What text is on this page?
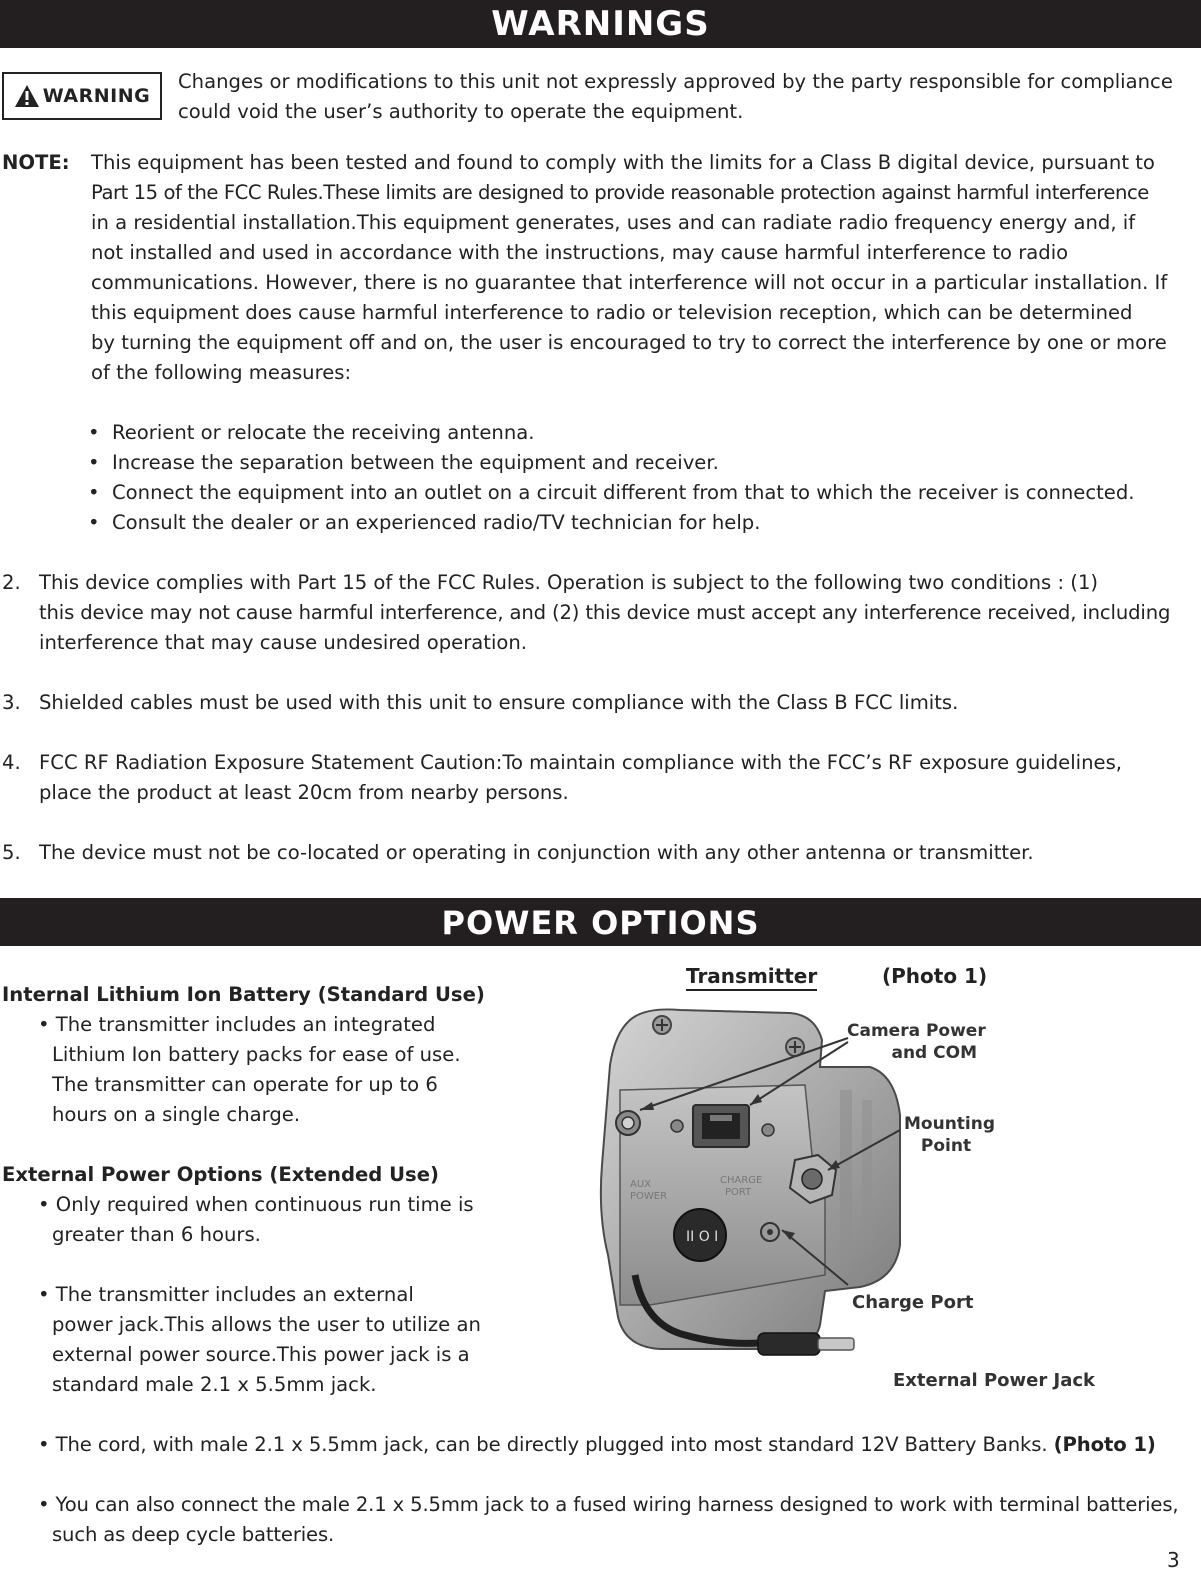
WARNINGS
WARNING
Changes or modifications to this unit not expressly approved by the party responsible for compliance
could void the user’s authority to operate the equipment.
NOTE: This equipment has been tested and found to comply with the limits for a Class B digital device, pursuant to
Part 15 of the FCC Rules.These limits are designed to provide reasonable protection against harmful interference
in a residential installation.This equipment generates, uses and can radiate radio frequency energy and, if
not installed and used in accordance with the instructions, may cause harmful interference to radio
communications. However, there is no guarantee that interference will not occur in a particular installation. If
this equipment does cause harmful interference to radio or television reception, which can be determined
by turning the equipment off and on, the user is encouraged to try to correct the interference by one or more
of the following measures:
• Reorient or relocate the receiving antenna.
• Increase the separation between the equipment and receiver.
• Connect the equipment into an outlet on a circuit different from that to which the receiver is connected.
• Consult the dealer or an experienced radio/TV technician for help.
2. This device complies with Part 15 of the FCC Rules. Operation is subject to the following two conditions : (1)
this device may not cause harmful interference, and (2) this device must accept any interference received, including
interference that may cause undesired operation.
3. Shielded cables must be used with this unit to ensure compliance with the Class B FCC limits.
4. FCC RF Radiation Exposure Statement Caution:To maintain compliance with the FCC’s RF exposure guidelines,
place the product at least 20cm from nearby persons.
5. The device must not be co-located or operating in conjunction with any other antenna or transmitter.
POWER OPTIONS
Internal Lithium Ion Battery (Standard Use)
• The transmitter includes an integrated
Lithium Ion battery packs for ease of use.
The transmitter can operate for up to 6
hours on a single charge.
External Power Options (Extended Use)
• Only required when continuous run time is
greater than 6 hours.
• The transmitter includes an external
power jack.This allows the user to utilize an
external power source.This power jack is a
standard male 2.1 x 5.5mm jack.
• The cord, with male 2.1 x 5.5mm jack, can be directly plugged into most standard 12V Battery Banks. (Photo 1)
• You can also connect the male 2.1 x 5.5mm jack to a fused wiring harness designed to work with terminal batteries,
such as deep cycle batteries.
Transmitter	(Photo 1)
AUX
POWER
CHARGE
PORT
II O I
Camera Power
and COM
Mounting
Point
Charge Port
External Power Jack
3
